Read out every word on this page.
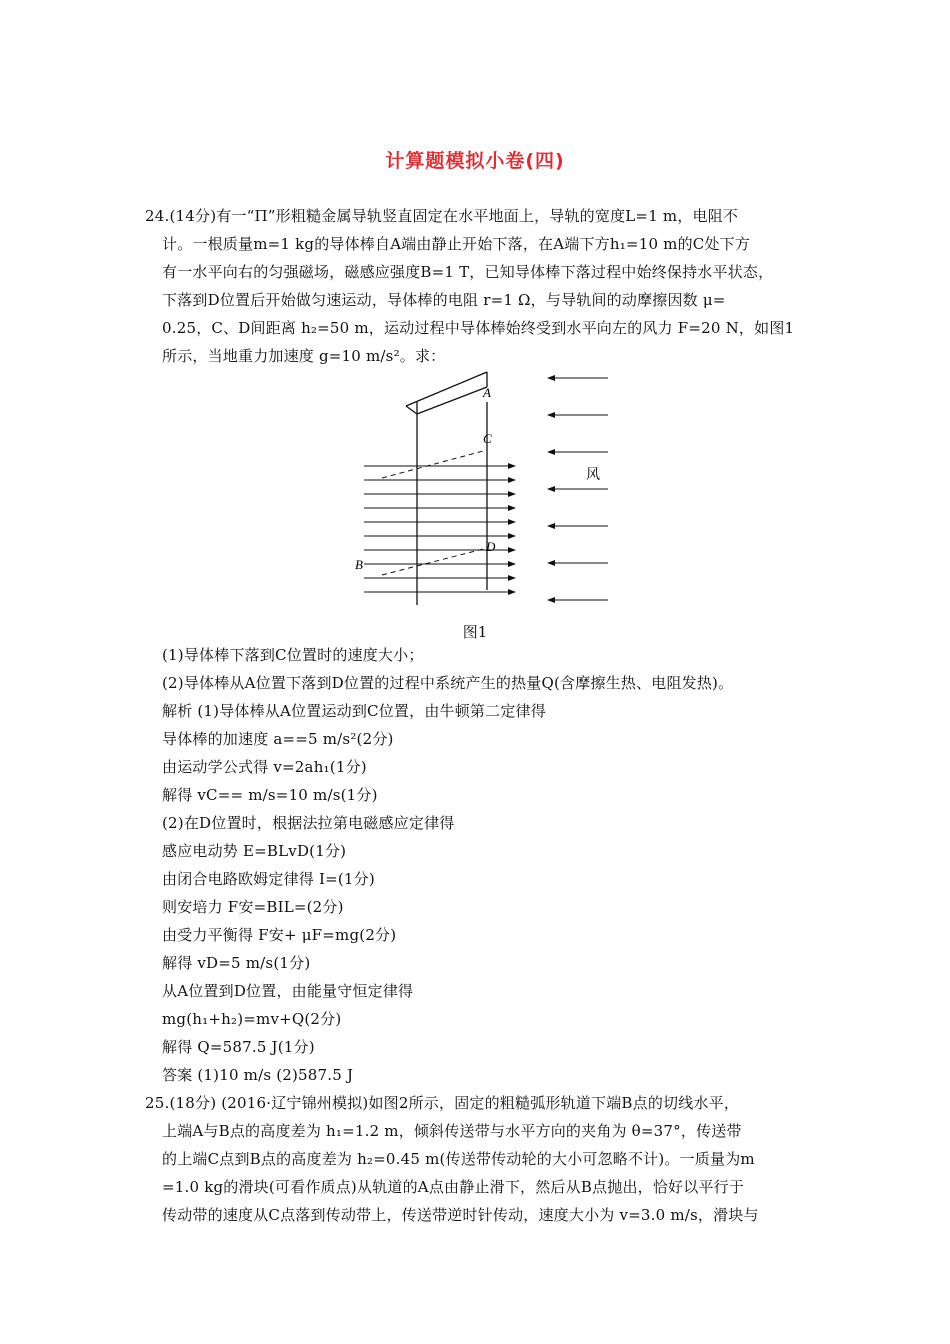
计算题模拟小卷(四)
24.(14分)有一“Π”形粗糙金属导轨竖直固定在水平地面上，导轨的宽度L=1 m，电阻不
计。一根质量m=1 kg的导体棒自A端由静止开始下落，在A端下方h₁=10 m的C处下方
有一水平向右的匀强磁场，磁感应强度B=1 T，已知导体棒下落过程中始终保持水平状态，
下落到D位置后开始做匀速运动，导体棒的电阻 r=1 Ω，与导轨间的动摩擦因数 μ=
0.25，C、D间距离 h₂=50 m，运动过程中导体棒始终受到水平向左的风力 F=20 N，如图1
所示，当地重力加速度 g=10 m/s²。求：
A
C
D
B
风
图1
(1)导体棒下落到C位置时的速度大小；
(2)导体棒从A位置下落到D位置的过程中系统产生的热量Q(含摩擦生热、电阻发热)。
解析 (1)导体棒从A位置运动到C位置，由牛顿第二定律得
导体棒的加速度 a==5 m/s²(2分)
由运动学公式得 v=2ah₁(1分)
解得 vC== m/s=10 m/s(1分)
(2)在D位置时，根据法拉第电磁感应定律得
感应电动势 E=BLvD(1分)
由闭合电路欧姆定律得 I=(1分)
则安培力 F安=BIL=(2分)
由受力平衡得 F安+ μF=mg(2分)
解得 vD=5 m/s(1分)
从A位置到D位置，由能量守恒定律得
mg(h₁+h₂)=mv+Q(2分)
解得 Q=587.5 J(1分)
答案 (1)10 m/s (2)587.5 J
25.(18分) (2016·辽宁锦州模拟)如图2所示，固定的粗糙弧形轨道下端B点的切线水平，
上端A与B点的高度差为 h₁=1.2 m，倾斜传送带与水平方向的夹角为 θ=37°，传送带
的上端C点到B点的高度差为 h₂=0.45 m(传送带传动轮的大小可忽略不计)。一质量为m
=1.0 kg的滑块(可看作质点)从轨道的A点由静止滑下，然后从B点抛出，恰好以平行于
传动带的速度从C点落到传动带上，传送带逆时针传动，速度大小为 v=3.0 m/s，滑块与
